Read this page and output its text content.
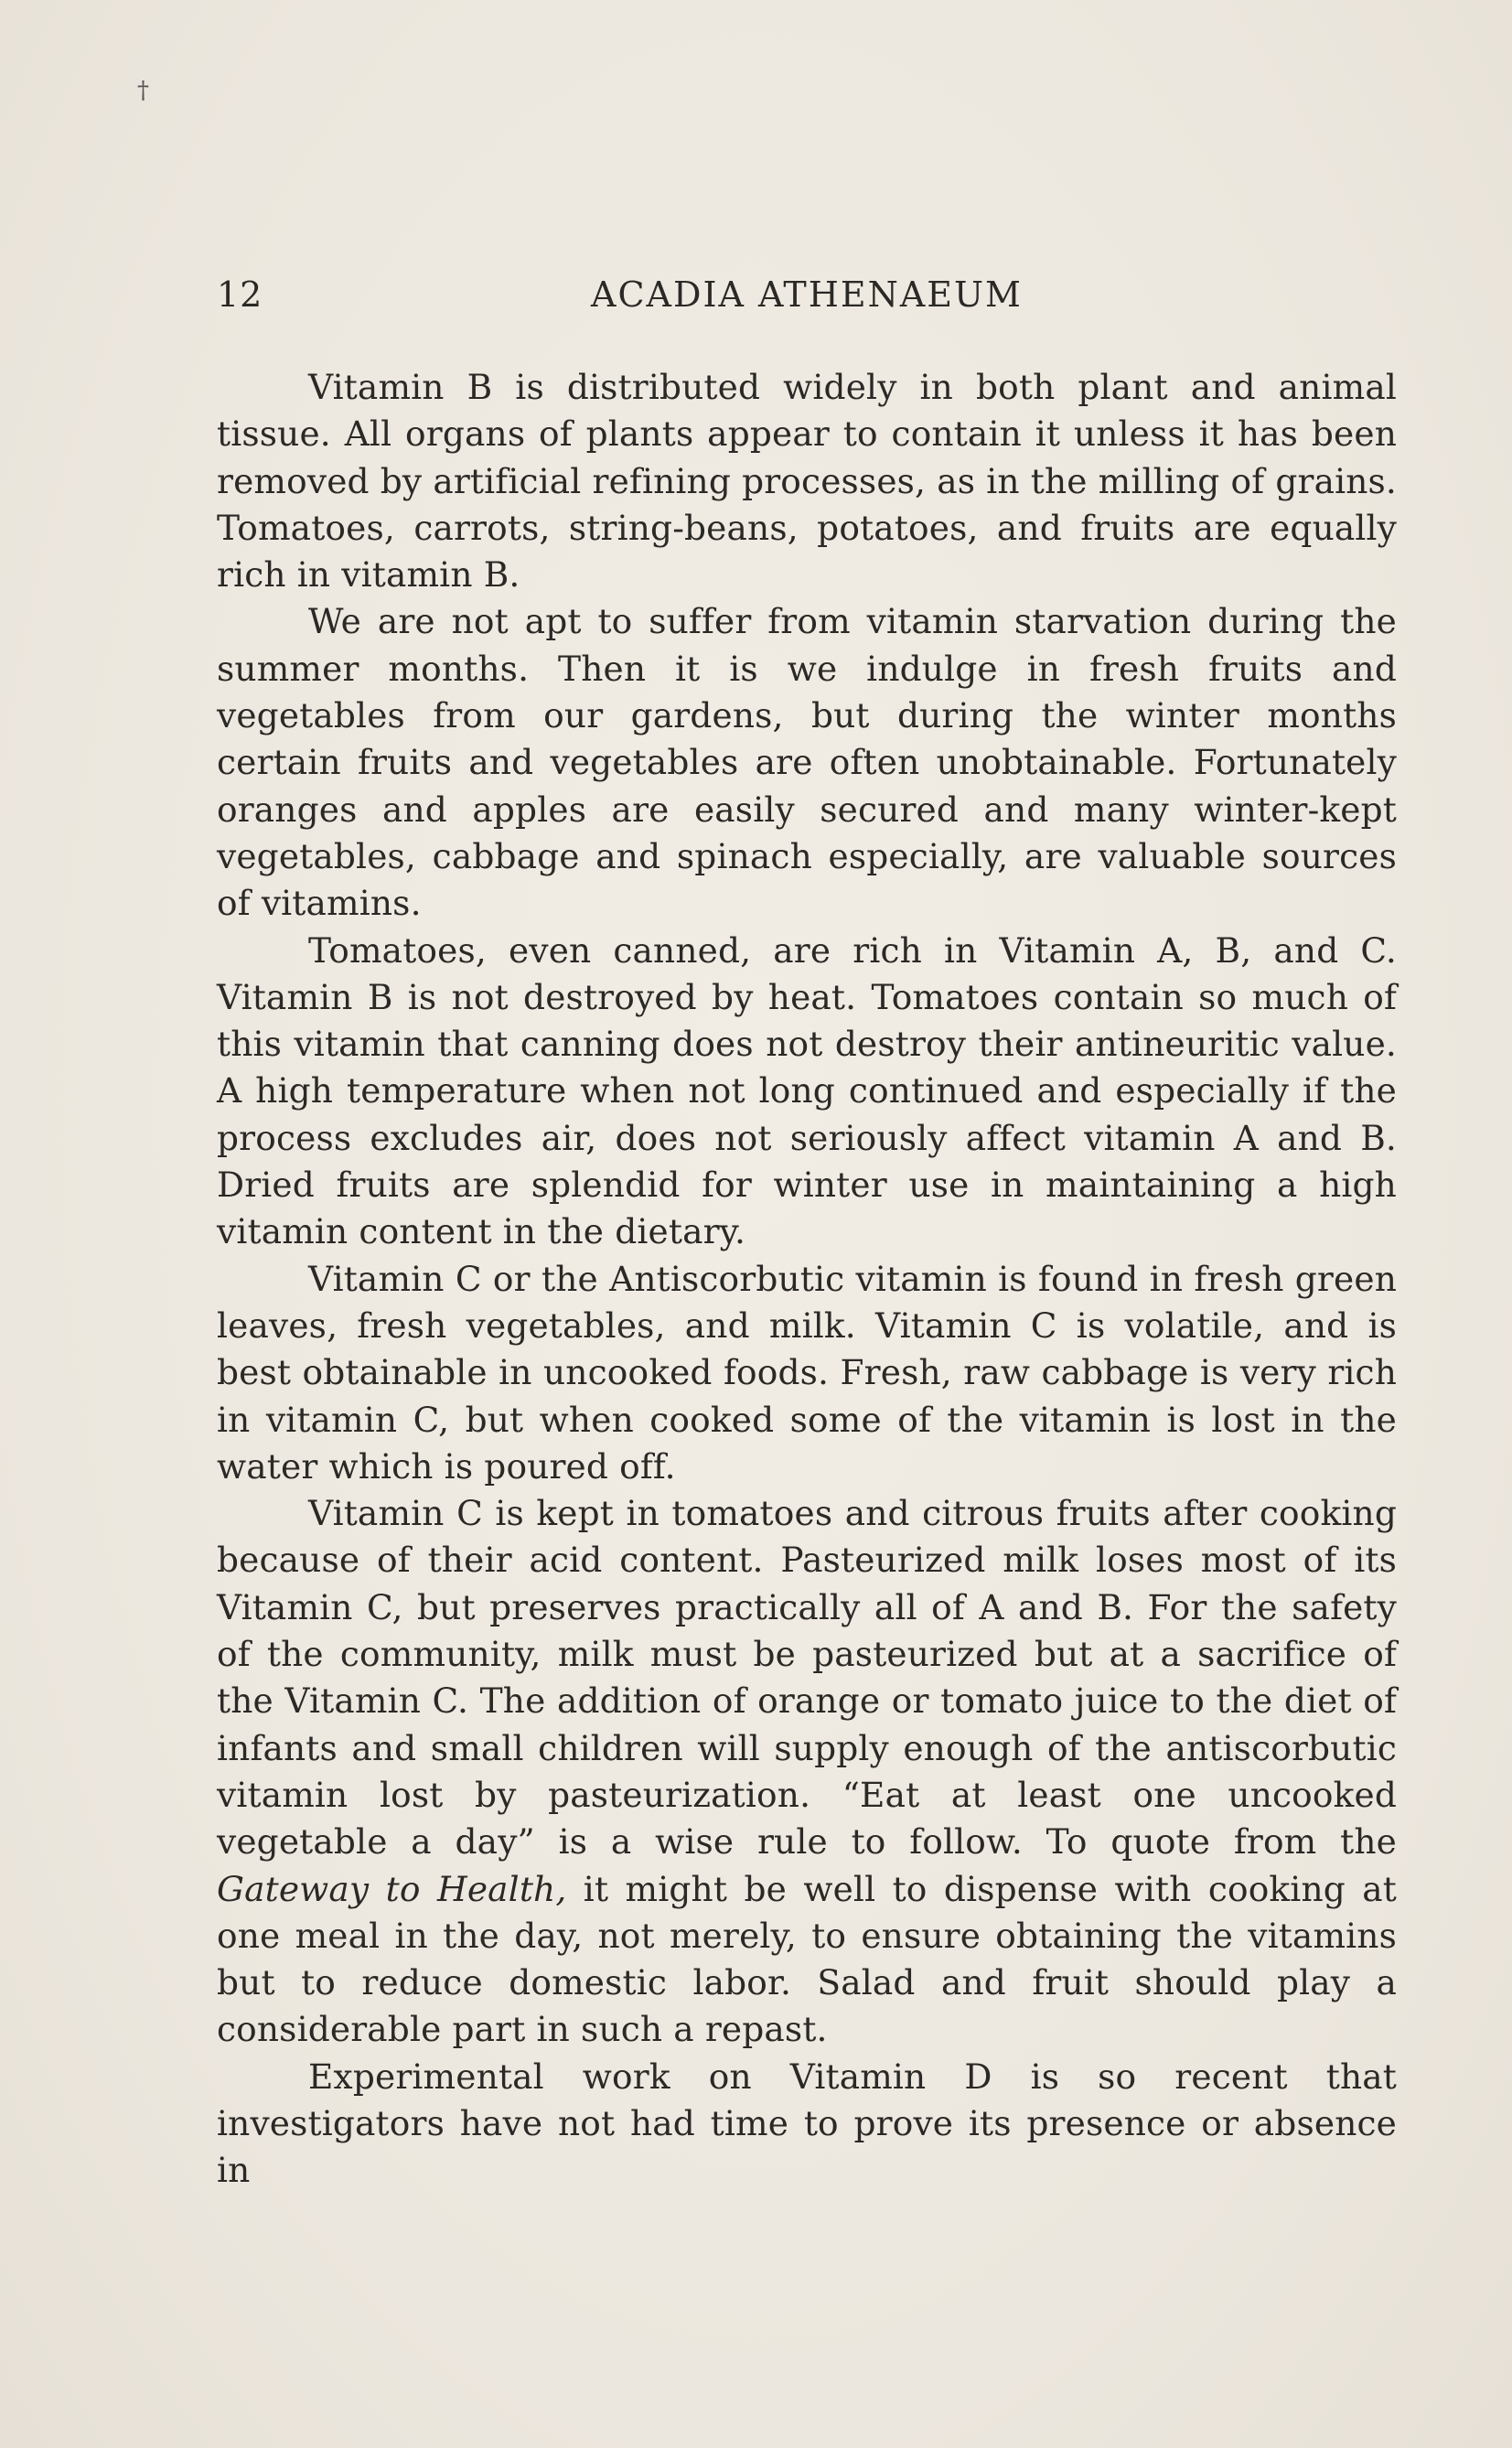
†
12	ACADIA ATHENAEUM

Vitamin B is distributed widely in both plant and animal tissue. All organs of plants appear to contain it unless it has been removed by artificial refining processes, as in the milling of grains. Tomatoes, carrots, string-beans, potatoes, and fruits are equally rich in vitamin B.

We are not apt to suffer from vitamin starvation during the summer months. Then it is we indulge in fresh fruits and vegetables from our gardens, but during the winter months certain fruits and vegetables are often unobtainable. Fortunately oranges and apples are easily secured and many winter-kept vegetables, cabbage and spinach especially, are valuable sources of vitamins.

Tomatoes, even canned, are rich in Vitamin A, B, and C. Vitamin B is not destroyed by heat. Tomatoes contain so much of this vitamin that canning does not destroy their antineuritic value. A high temperature when not long continued and especially if the process excludes air, does not seriously affect vitamin A and B. Dried fruits are splendid for winter use in maintaining a high vitamin content in the dietary.

Vitamin C or the Antiscorbutic vitamin is found in fresh green leaves, fresh vegetables, and milk. Vitamin C is volatile, and is best obtainable in uncooked foods. Fresh, raw cabbage is very rich in vitamin C, but when cooked some of the vitamin is lost in the water which is poured off.

Vitamin C is kept in tomatoes and citrous fruits after cooking because of their acid content. Pasteurized milk loses most of its Vitamin C, but preserves practically all of A and B. For the safety of the community, milk must be pasteurized but at a sacrifice of the Vitamin C. The addition of orange or tomato juice to the diet of infants and small children will supply enough of the antiscorbutic vitamin lost by pasteurization. “Eat at least one uncooked vegetable a day” is a wise rule to follow. To quote from the Gateway to Health, it might be well to dispense with cooking at one meal in the day, not merely, to ensure obtaining the vitamins but to reduce domestic labor. Salad and fruit should play a considerable part in such a repast.

Experimental work on Vitamin D is so recent that investigators have not had time to prove its presence or absence in
